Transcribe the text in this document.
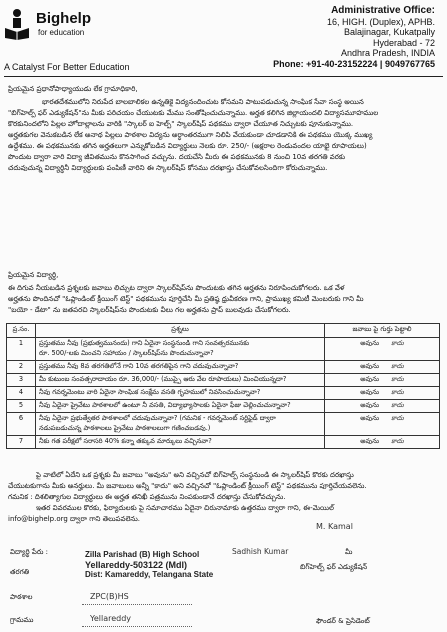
Bighelp
for education
A Catalyst For Better Education
Administrative Office:
16, HIGH. (Duplex), APHB.
Balajinagar, Kukatpally
Hyderabad - 72
Andhra Pradesh, INDIA
Phone: +91-40-23152224 | 9049767765
ప్రియమైన ప్రధానోపాధ్యాయుడు లేక గ్రామాధికారి,
భారతదేశములోని నిరుపేద బాలబాలికల ఉన్నతికై విద్యనందించుట కోసమని పాటుపడుచున్న సాంఘిక సేవా సంస్థ అయిన
"బిగ్‌హెల్ప్ ఫర్ ఎడ్యుకేషన్"ను మీకు పరిచయం చేయుటకు మేము సంతోషించుచున్నాము. అర్హత కలిగిన జిల్లాయందలి విద్యాసమూహముల
కొరకునిందలోని పిల్లల హోదాల్లాలను వారికి "స్కాలర్ ఐ హెల్ప్" స్కాలర్‌షిప్ పథకము ద్వారా చేయూత నిచ్చుటకు పూనుకున్నాము.
అర్హతకుగల వెనుకబడిన లేక అనాథ పిల్లలు పాఠశాల విద్యను అర్ధాంతరముగా నిలిపి వేయకుండా చూడడానికి ఈ పథకము యొక్క ముఖ్య
ఉద్దేశము. ఈ పథకమునకు తగిన అర్హతలుగా ఎన్నుకోబడిన విద్యార్థులు నెలకు రూ. 250/- (అక్షరాల రెండువందల యాభై రూపాయలు)
పొందుట ద్వారా వారి విద్యా జీవితమును కొనసాగించ వచ్చును. దయచేసి మీరు ఈ పథకమునకు 8 నుంచి 10వ తరగతి వరకు
చదువుచున్న విద్యార్థినీ విద్యార్థులకు పంపిణీ వారిని ఈ స్కాలర్‌షిప్ కోసము దరఖాస్తు చేసుకోవలసిందిగా కోరుచున్నాము.
ప్రియమైన విద్యార్థి,
ఈ దిగువ నీయబడిన ప్రశ్నలకు జవాబు లిచ్చుట ద్వారా స్కాలర్‌షిప్‌ను పొందుటకు తగిన అర్హతను నిరూపించుకోగలరు. ఒక వేళ
అర్హతను పొందినచో "ఓప్లాండింట్ క్రీయింగ్ టెస్ట్" పథకమును పూర్తిచేసి మీ ప్రతిష్ఠ ధ్రువీకరణ గాని, ప్రాముఖ్య కమిటీ మెంబరుకు గాని మీ
"బయో - డేటా" ను జతపరచి స్కాలర్‌షిప్‌ను పొందుటకు వీలు గల అర్హతను ప్రాప్ బులవుడు చేసుకోగలరు.
ప్ర.సం.	ప్రశ్నలు	జవాబు పై గుర్తు పెట్టాలి
1	ప్రస్తుతము నీవు (ప్రభుత్వమునందు) గాని ఏదైనా సంస్థనుండి గాని సంవత్సరమునకు
రూ. 500/-లకు మించని సహాయం / స్కాలర్‌షిప్‌ను పొందుచున్నావా?	అవును కాదు
2	ప్రస్తుతము నీవు 8వ తరగతిలోనే గాని 10వ తరగతిపైన గాని చదువుచున్నావా?	అవును కాదు
3	మీ కుటుంబ సంవత్సరాదాయం రూ. 36,000/- (ముప్పై ఆరు వేల రూపాయలు) మించియున్నదా?	అవును కాదు
4	నీవు గవర్నమెంటు వారి ఏదైనా సాంఘిక సంక్షేమ వసతి గృహములో నివసించుచున్నావా?	అవును కాదు
5	నీవు ఏదైనా ప్రైవేటు పాఠశాలలో ఉంటూ నీ వసతి, విద్యాభ్యాసాలకు ఏదైనా ఫీజు చెల్లించుచున్నావా?	అవును కాదు
6	నీవు ఏదైనా ప్రభుత్వేతర పాఠశాలలో చదువుచున్నావా? (గమనిక - గవర్నమెంట్ సర్టిఫైడ్ ద్వారా
నడుపబడుచున్న పాఠశాలలు ప్రైవేటు పాఠశాలలుగా గణించబడవు.)	అవును కాదు
7	నీకు గత పరీక్షలో సరాసరి 40% కన్నా తక్కువ మార్కులు వచ్చినవా?	అవును కాదు
పై వాటిలో ఏదేని ఒక ప్రశ్నకు మీ జవాబు "అవును" అని వచ్చినచో బిగ్‌హెల్ప్ సంస్థనుండి ఈ స్కాలర్‌షిప్ కొరకు దరఖాస్తు
చేయుటకుగాను మీకు అనర్హులు. మీ జవాబులు అన్నీ "కాదు" అని వచ్చినచో "ఓప్లాండింట్ క్రీయింగ్ టెస్ట్" పథకమును పూర్తిచేయవలెను.
గమనిక : దిశలిత్యాగుల విద్యార్థులు ఈ అర్హత తనిఖీ పత్రమును నింపకుండానే దరఖాస్తు చేసుకోవచ్చును.
ఇతర వివరముల కొరకు, ఫిర్యాదులకు పై సమాచారము ఏదైనా చిరునామాకు ఉత్తరము ద్వారా గాని, ఈ-మెయిల్
info@bighelp.org ద్వారా గాని తెలుపవలెను.
M. Kamal
విద్యార్థి పేరు :
తరగతి
పాఠశాల
గ్రామము
ZPC(B)HS
Yellareddy
Zilla Parishad (B) High School
Yellareddy-503122 (Mdl)
Dist: Kamareddy, Telangana State
Sadhish Kumar	మీ
బిగ్‌హెల్ప్ ఫర్ ఎడ్యుకేషన్
ఫౌండర్ & ప్రెసిడెంట్
